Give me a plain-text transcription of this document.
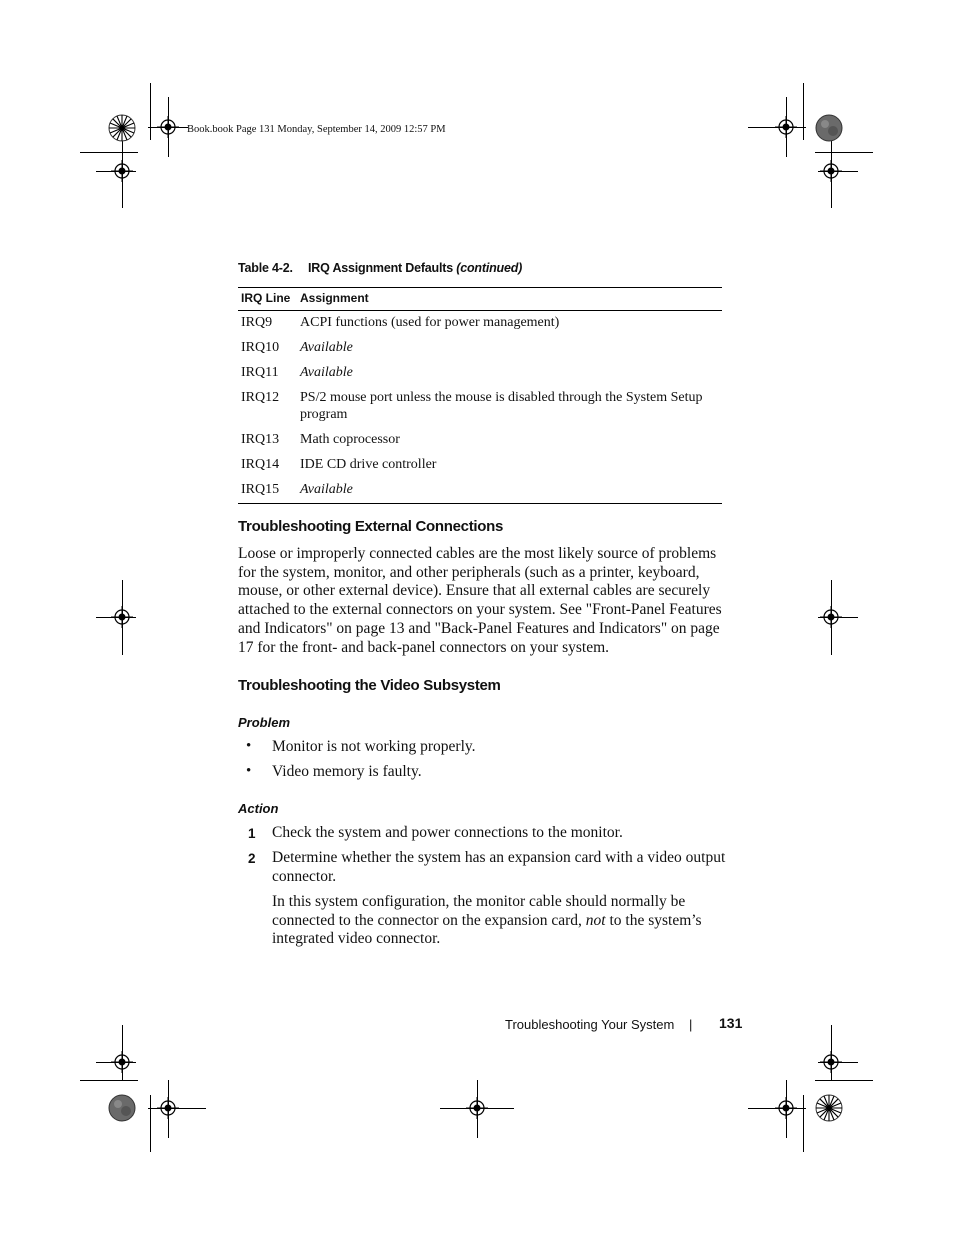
Book.book Page 131 Monday, September 14, 2009 12:57 PM
Table 4-2. IRQ Assignment Defaults (continued)
IRQ Line	Assignment
IRQ9	ACPI functions (used for power management)
IRQ10	Available
IRQ11	Available
IRQ12	PS/2 mouse port unless the mouse is disabled through the System Setup program
IRQ13	Math coprocessor
IRQ14	IDE CD drive controller
IRQ15	Available
Troubleshooting External Connections
Loose or improperly connected cables are the most likely source of problems for the system, monitor, and other peripherals (such as a printer, keyboard, mouse, or other external device). Ensure that all external cables are securely attached to the external connectors on your system. See "Front-Panel Features and Indicators" on page 13 and "Back-Panel Features and Indicators" on page 17 for the front- and back-panel connectors on your system.
Troubleshooting the Video Subsystem
Problem
• Monitor is not working properly.
• Video memory is faulty.
Action
1 Check the system and power connections to the monitor.
2 Determine whether the system has an expansion card with a video output connector.
In this system configuration, the monitor cable should normally be connected to the connector on the expansion card, not to the system’s integrated video connector.
Troubleshooting Your System | 131
